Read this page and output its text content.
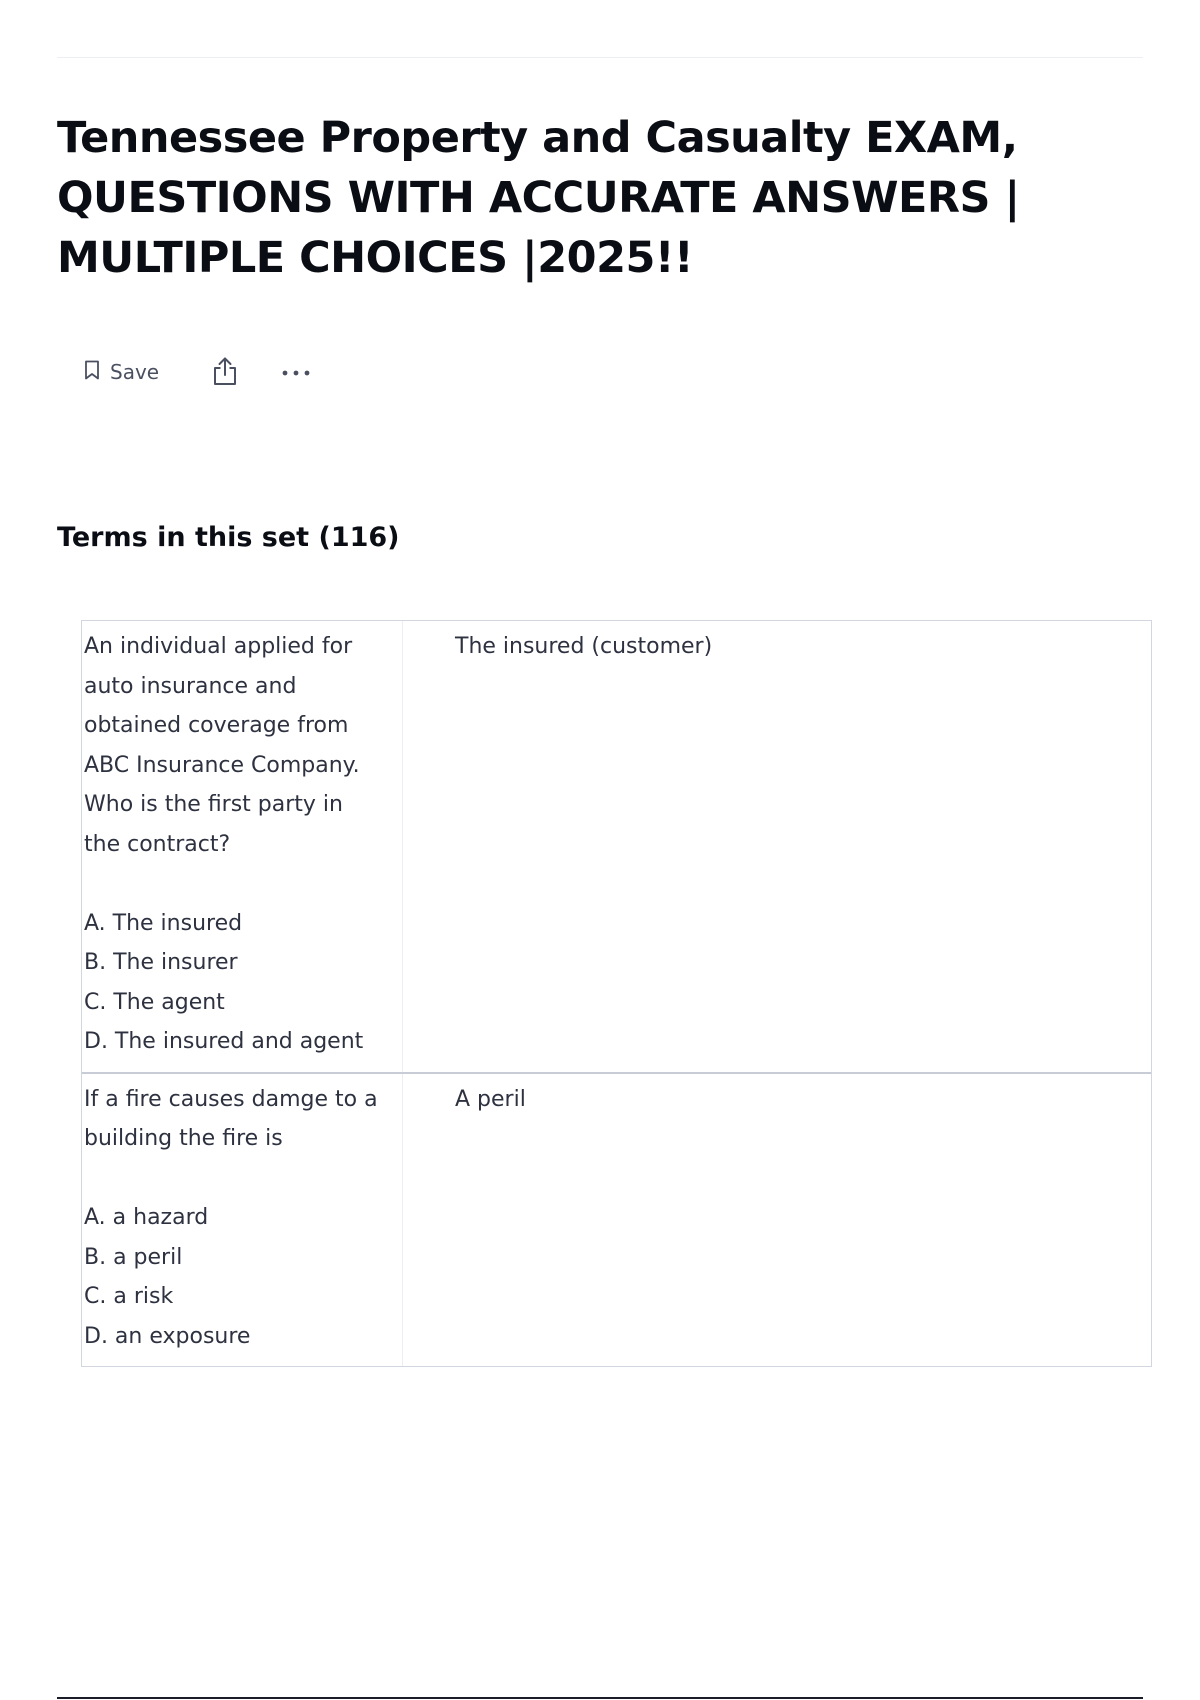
Tennessee Property and Casualty EXAM, QUESTIONS WITH ACCURATE ANSWERS | MULTIPLE CHOICES |2025!!
Save
Terms in this set (116)
An individual applied for
auto insurance and
obtained coverage from
ABC Insurance Company.
Who is the first party in
the contract?

A. The insured
B. The insurer
C. The agent
D. The insured and agent
The insured (customer)
If a fire causes damge to a
building the fire is

A. a hazard
B. a peril
C. a risk
D. an exposure
A peril
